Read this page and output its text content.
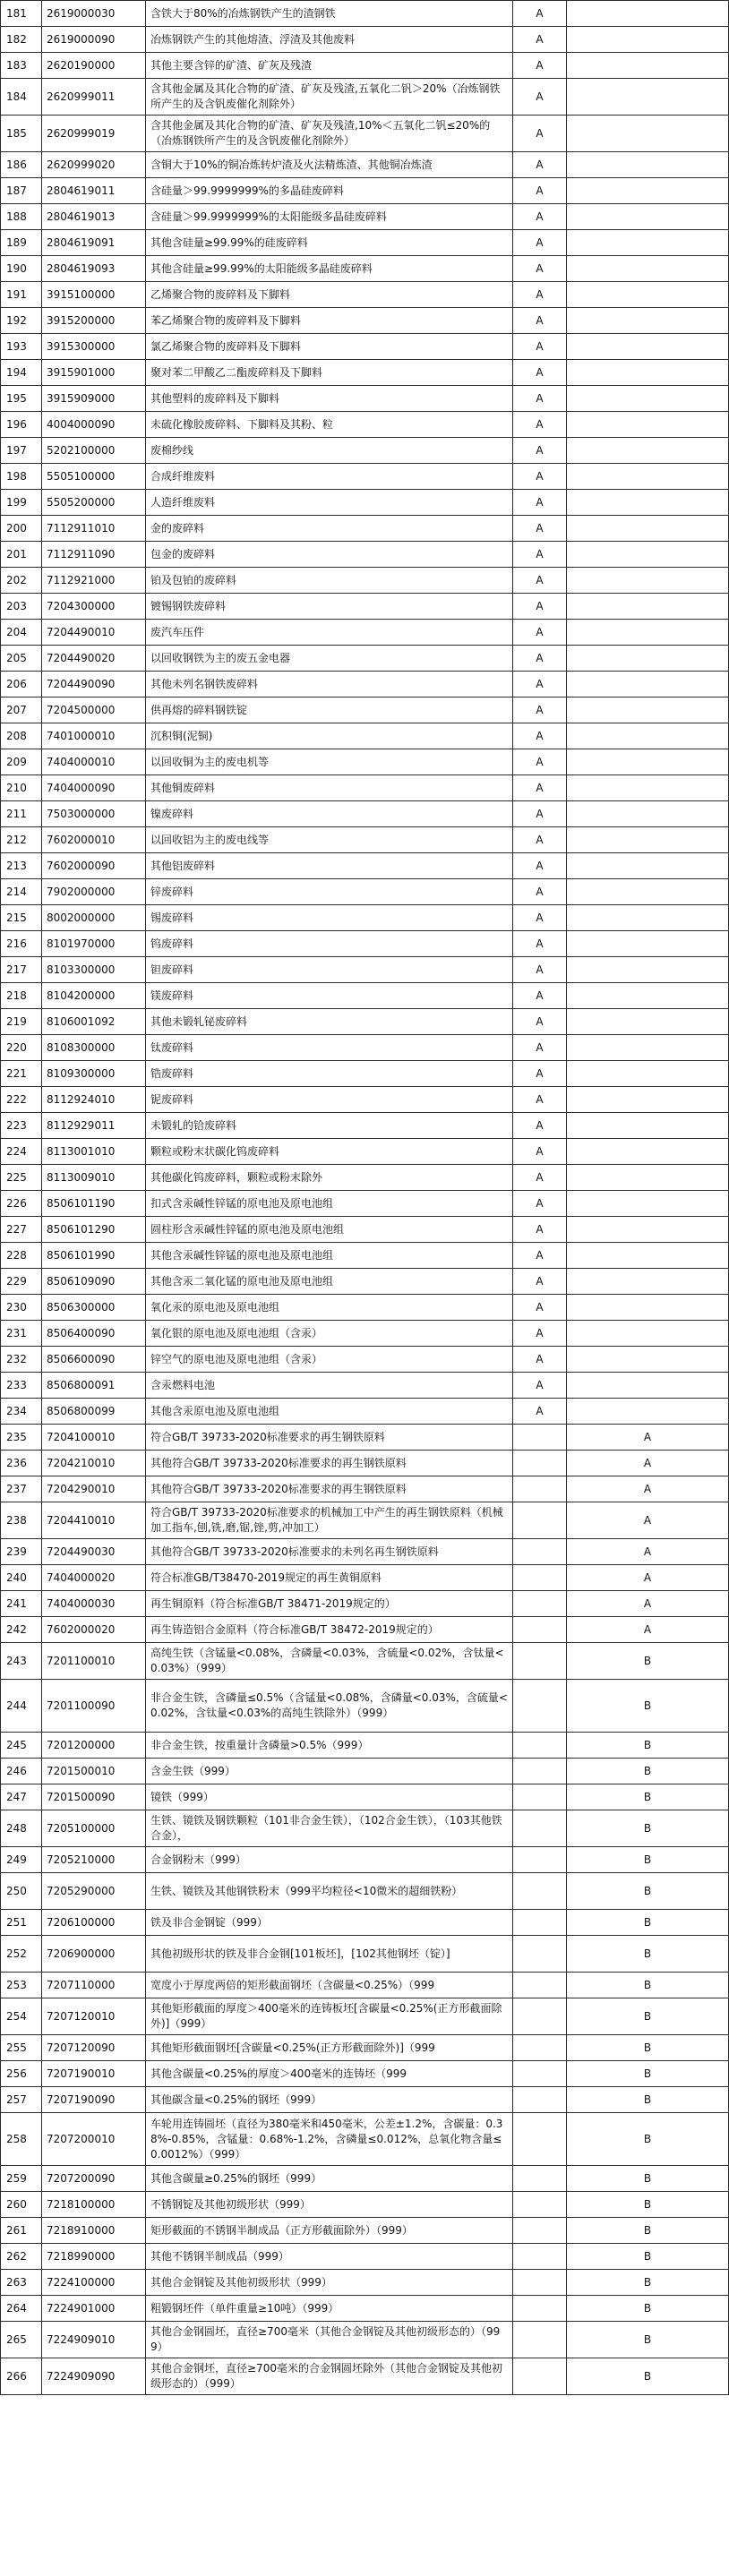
181	2619000030	含铁大于80%的冶炼钢铁产生的渣钢铁	A	
182	2619000090	冶炼钢铁产生的其他熔渣、浮渣及其他废料	A	
183	2620190000	其他主要含锌的矿渣、矿灰及残渣	A	
184	2620999011	含其他金属及其化合物的矿渣、矿灰及残渣,五氧化二钒＞20%（冶炼钢铁所产生的及含钒废催化剂除外）	A	
185	2620999019	含其他金属及其化合物的矿渣、矿灰及残渣,10%＜五氧化二钒≤20%的（冶炼钢铁所产生的及含钒废催化剂除外）	A	
186	2620999020	含铜大于10%的铜冶炼转炉渣及火法精炼渣、其他铜冶炼渣	A	
187	2804619011	含硅量＞99.9999999%的多晶硅废碎料	A	
188	2804619013	含硅量＞99.9999999%的太阳能级多晶硅废碎料	A	
189	2804619091	其他含硅量≥99.99%的硅废碎料	A	
190	2804619093	其他含硅量≥99.99%的太阳能级多晶硅废碎料	A	
191	3915100000	乙烯聚合物的废碎料及下脚料	A	
192	3915200000	苯乙烯聚合物的废碎料及下脚料	A	
193	3915300000	氯乙烯聚合物的废碎料及下脚料	A	
194	3915901000	聚对苯二甲酸乙二酯废碎料及下脚料	A	
195	3915909000	其他塑料的废碎料及下脚料	A	
196	4004000090	未硫化橡胶废碎料、下脚料及其粉、粒	A	
197	5202100000	废棉纱线	A	
198	5505100000	合成纤维废料	A	
199	5505200000	人造纤维废料	A	
200	7112911010	金的废碎料	A	
201	7112911090	包金的废碎料	A	
202	7112921000	铂及包铂的废碎料	A	
203	7204300000	镀锡钢铁废碎料	A	
204	7204490010	废汽车压件	A	
205	7204490020	以回收钢铁为主的废五金电器	A	
206	7204490090	其他未列名钢铁废碎料	A	
207	7204500000	供再熔的碎料钢铁锭	A	
208	7401000010	沉积铜(泥铜)	A	
209	7404000010	以回收铜为主的废电机等	A	
210	7404000090	其他铜废碎料	A	
211	7503000000	镍废碎料	A	
212	7602000010	以回收铝为主的废电线等	A	
213	7602000090	其他铝废碎料	A	
214	7902000000	锌废碎料	A	
215	8002000000	锡废碎料	A	
216	8101970000	钨废碎料	A	
217	8103300000	钽废碎料	A	
218	8104200000	镁废碎料	A	
219	8106001092	其他未锻轧铋废碎料	A	
220	8108300000	钛废碎料	A	
221	8109300000	锆废碎料	A	
222	8112924010	铌废碎料	A	
223	8112929011	未锻轧的铪废碎料	A	
224	8113001010	颗粒或粉末状碳化钨废碎料	A	
225	8113009010	其他碳化钨废碎料，颗粒或粉末除外	A	
226	8506101190	扣式含汞碱性锌锰的原电池及原电池组	A	
227	8506101290	圆柱形含汞碱性锌锰的原电池及原电池组	A	
228	8506101990	其他含汞碱性锌锰的原电池及原电池组	A	
229	8506109090	其他含汞二氧化锰的原电池及原电池组	A	
230	8506300000	氧化汞的原电池及原电池组	A	
231	8506400090	氧化银的原电池及原电池组（含汞）	A	
232	8506600090	锌空气的原电池及原电池组（含汞）	A	
233	8506800091	含汞燃料电池	A	
234	8506800099	其他含汞原电池及原电池组	A	
235	7204100010	符合GB/T 39733-2020标准要求的再生钢铁原料		A
236	7204210010	其他符合GB/T 39733-2020标准要求的再生钢铁原料		A
237	7204290010	其他符合GB/T 39733-2020标准要求的再生钢铁原料		A
238	7204410010	符合GB/T 39733-2020标准要求的机械加工中产生的再生钢铁原料（机械加工指车,刨,铣,磨,锯,锉,剪,冲加工）		A
239	7204490030	其他符合GB/T 39733-2020标准要求的未列名再生钢铁原料		A
240	7404000020	符合标准GB/T38470-2019规定的再生黄铜原料		A
241	7404000030	再生铜原料（符合标准GB/T 38471-2019规定的）		A
242	7602000020	再生铸造铝合金原料（符合标准GB/T 38472-2019规定的）		A
243	7201100010	高纯生铁（含锰量<0.08%，含磷量<0.03%，含硫量<0.02%，含钛量<0.03%）（999）		B
244	7201100090	非合金生铁，含磷量≤0.5%（含锰量<0.08%，含磷量<0.03%，含硫量<0.02%，含钛量<0.03%的高纯生铁除外）（999）		B
245	7201200000	非合金生铁，按重量计含磷量>0.5%（999）		B
246	7201500010	含金生铁（999）		B
247	7201500090	镜铁（999）		B
248	7205100000	生铁、镜铁及钢铁颗粒（101非合金生铁），（102合金生铁），（103其他铁合金），		B
249	7205210000	合金钢粉末（999）		B
250	7205290000	生铁、镜铁及其他钢铁粉末（999平均粒径<10微米的超细铁粉）		B
251	7206100000	铁及非合金钢锭（999）		B
252	7206900000	其他初级形状的铁及非合金钢[101板坯]，[102其他钢坯（锭）]		B
253	7207110000	宽度小于厚度两倍的矩形截面钢坯（含碳量<0.25%）（999		B
254	7207120010	其他矩形截面的厚度＞400毫米的连铸板坯[含碳量<0.25%(正方形截面除外)]（999）		B
255	7207120090	其他矩形截面钢坯[含碳量<0.25%(正方形截面除外)]（999		B
256	7207190010	其他含碳量<0.25%的厚度＞400毫米的连铸坯（999		B
257	7207190090	其他碳含量<0.25%的钢坯（999）		B
258	7207200010	车轮用连铸圆坯（直径为380毫米和450毫米，公差±1.2%，含碳量：0.38%-0.85%，含锰量：0.68%-1.2%，含磷量≤0.012%，总氧化物含量≤0.0012%）（999）		B
259	7207200090	其他含碳量≥0.25%的钢坯（999）		B
260	7218100000	不锈钢锭及其他初级形状（999）		B
261	7218910000	矩形截面的不锈钢半制成品（正方形截面除外）（999）		B
262	7218990000	其他不锈钢半制成品（999）		B
263	7224100000	其他合金钢锭及其他初级形状（999）		B
264	7224901000	粗锻钢坯件（单件重量≥10吨）（999）		B
265	7224909010	其他合金钢圆坯，直径≥700毫米（其他合金钢锭及其他初级形态的）（999）		B
266	7224909090	其他合金钢坯，直径≥700毫米的合金钢圆坯除外（其他合金钢锭及其他初级形态的）（999）		B
